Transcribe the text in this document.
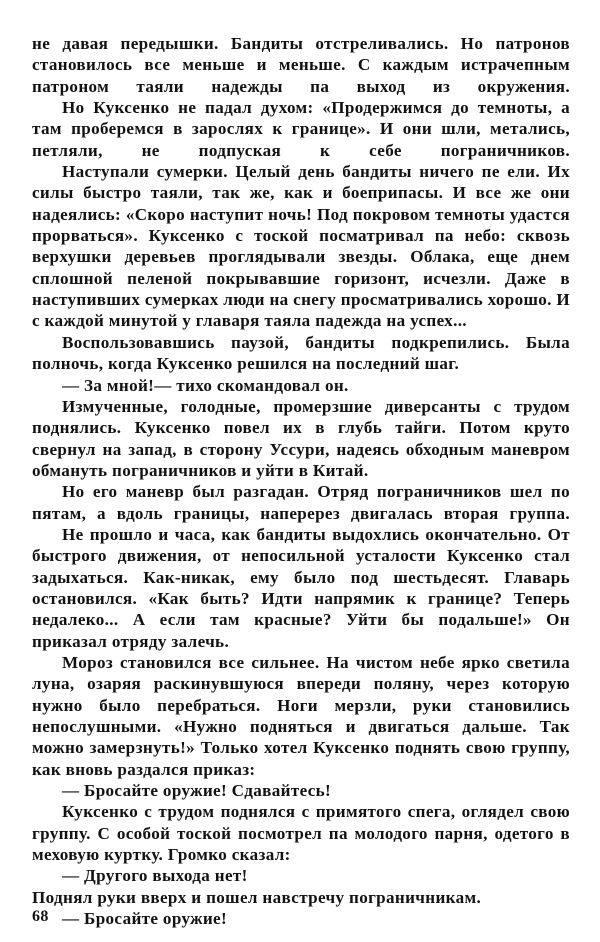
не давая передышки. Бандиты отстреливались. Но патронов становилось все меньше и меньше. С каждым истрачепным патроном таяли надежды па выход из окружения.

Но Куксенко не падал духом: «Продержимся до темноты, а там проберемся в зарослях к границе». И они шли, метались, петляли, не подпуская к себе пограничников.

Наступали сумерки. Целый день бандиты ничего пе ели. Их силы быстро таяли, так же, как и боеприпасы. И все же они надеялись: «Скоро наступит ночь! Под покровом темноты удастся прорваться». Куксенко с тоской посматривал па небо: сквозь верхушки деревьев проглядывали звезды. Облака, еще днем сплошной пеленой покрывавшие горизонт, исчезли. Даже в наступивших сумерках люди на снегу просматривались хорошо. И с каждой минутой у главаря таяла падежда на успех...

Воспользовавшись паузой, бандиты подкрепились. Была полночь, когда Куксенко решился на последний шаг.

— За мной!— тихо скомандовал он.

Измученные, голодные, промерзшие диверсанты с трудом поднялись. Куксенко повел их в глубь тайги. Потом круто свернул на запад, в сторону Уссури, надеясь обходным маневром обмануть пограничников и уйти в Китай.

Но его маневр был разгадан. Отряд пограничников шел по пятам, а вдоль границы, наперерез двигалась вторая группа.

Не прошло и часа, как бандиты выдохлись окончательно. От быстрого движения, от непосильной усталости Куксенко стал задыхаться. Как-никак, ему было под шестьдесят. Главарь остановился. «Как быть? Идти напрямик к границе? Теперь недалеко... А если там красные? Уйти бы подальше!» Он приказал отряду залечь.

Мороз становился все сильнее. На чистом небе ярко светила луна, озаряя раскинувшуюся впереди поляну, через которую нужно было перебраться. Ноги мерзли, руки становились непослушными. «Нужно подняться и двигаться дальше. Так можно замерзнуть!» Только хотел Куксенко поднять свою группу, как вновь раздался приказ:

— Бросайте оружие! Сдавайтесь!

Куксенко с трудом поднялся с примятого спега, оглядел свою группу. С особой тоской посмотрел па молодого парня, одетого в меховую куртку. Громко сказал:

— Другого выхода нет!

Поднял руки вверх и пошел навстречу пограничникам.

— Бросайте оружие!

68
